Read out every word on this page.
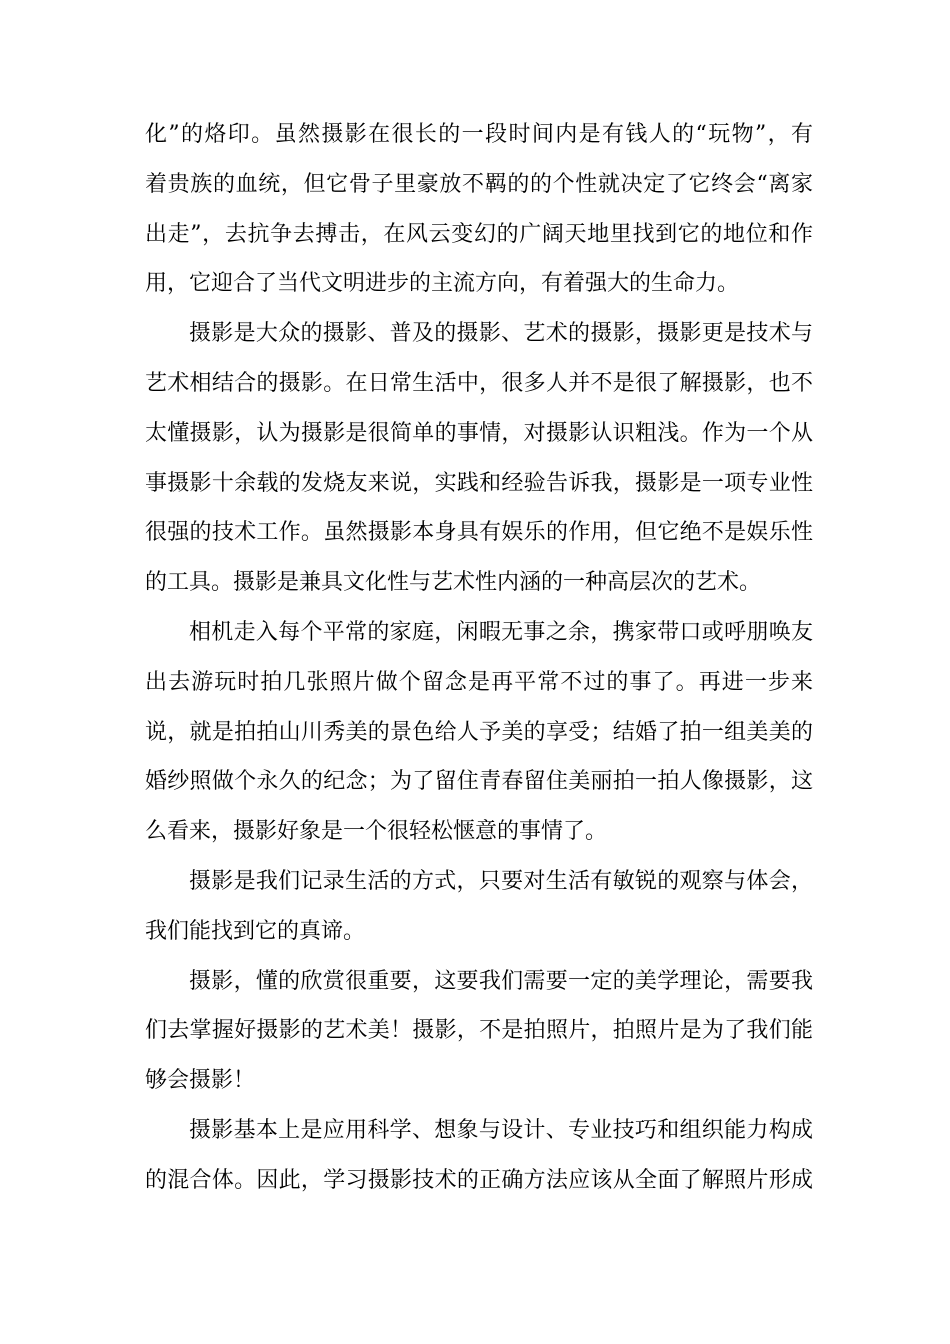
化”的烙印。虽然摄影在很长的一段时间内是有钱人的“玩物”，有
着贵族的血统，但它骨子里豪放不羁的的个性就决定了它终会“离家
出走”，去抗争去搏击，在风云变幻的广阔天地里找到它的地位和作
用，它迎合了当代文明进步的主流方向，有着强大的生命力。
摄影是大众的摄影、普及的摄影、艺术的摄影，摄影更是技术与
艺术相结合的摄影。在日常生活中，很多人并不是很了解摄影，也不
太懂摄影，认为摄影是很简单的事情，对摄影认识粗浅。作为一个从
事摄影十余载的发烧友来说，实践和经验告诉我，摄影是一项专业性
很强的技术工作。虽然摄影本身具有娱乐的作用，但它绝不是娱乐性
的工具。摄影是兼具文化性与艺术性内涵的一种高层次的艺术。
相机走入每个平常的家庭，闲暇无事之余，携家带口或呼朋唤友
出去游玩时拍几张照片做个留念是再平常不过的事了。再进一步来
说，就是拍拍山川秀美的景色给人予美的享受；结婚了拍一组美美的
婚纱照做个永久的纪念；为了留住青春留住美丽拍一拍人像摄影，这
么看来，摄影好象是一个很轻松惬意的事情了。
摄影是我们记录生活的方式，只要对生活有敏锐的观察与体会，
我们能找到它的真谛。
摄影，懂的欣赏很重要，这要我们需要一定的美学理论，需要我
们去掌握好摄影的艺术美！摄影，不是拍照片，拍照片是为了我们能
够会摄影！
摄影基本上是应用科学、想象与设计、专业技巧和组织能力构成
的混合体。因此，学习摄影技术的正确方法应该从全面了解照片形成
